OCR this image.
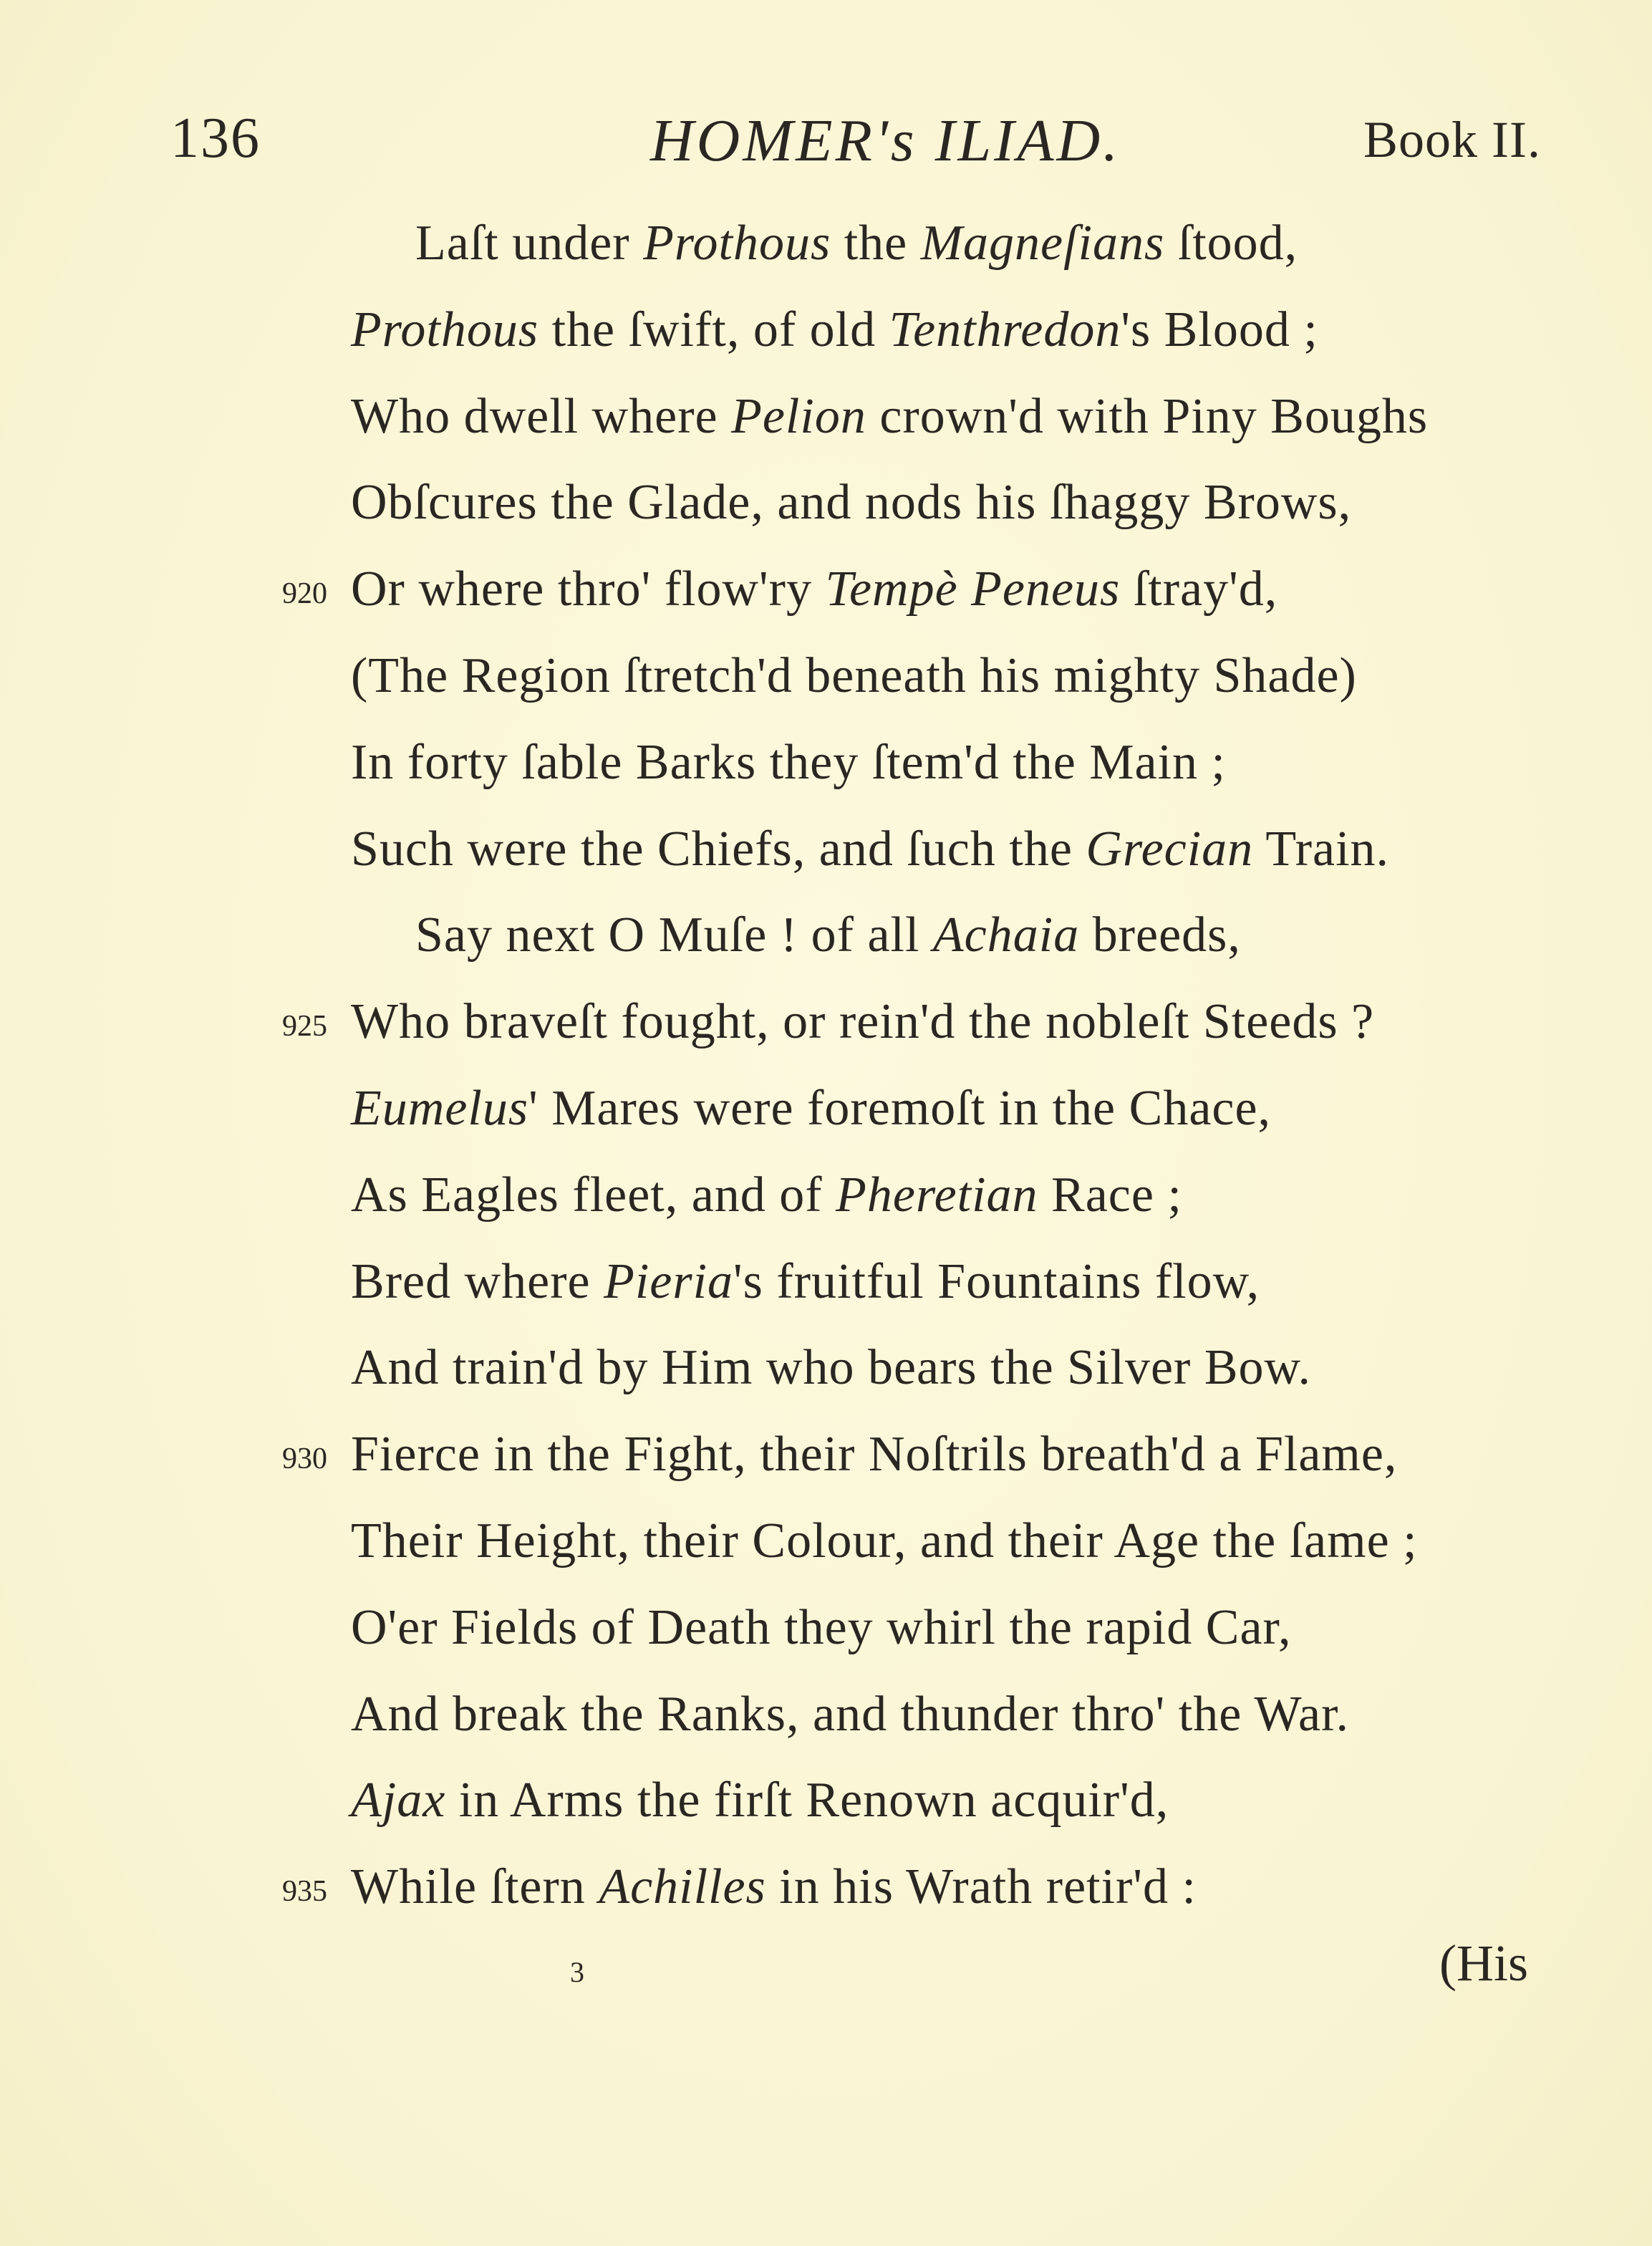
136	HOMER's ILIAD.	Book II.
Laſt under Prothous the Magneſians ſtood,
Prothous the ſwift, of old Tenthredon's Blood ;
Who dwell where Pelion crown'd with Piny Boughs
Obſcures the Glade, and nods his ſhaggy Brows,
920 Or where thro' flow'ry Tempè Peneus ſtray'd,
(The Region ſtretch'd beneath his mighty Shade)
In forty ſable Barks they ſtem'd the Main ;
Such were the Chiefs, and ſuch the Grecian Train.
Say next O Muſe ! of all Achaia breeds,
925 Who braveſt fought, or rein'd the nobleſt Steeds ?
Eumelus' Mares were foremoſt in the Chace,
As Eagles fleet, and of Pheretian Race ;
Bred where Pieria's fruitful Fountains flow,
And train'd by Him who bears the Silver Bow.
930 Fierce in the Fight, their Noſtrils breath'd a Flame,
Their Height, their Colour, and their Age the ſame ;
O'er Fields of Death they whirl the rapid Car,
And break the Ranks, and thunder thro' the War.
Ajax in Arms the firſt Renown acquir'd,
935 While ſtern Achilles in his Wrath retir'd :
3	(His
